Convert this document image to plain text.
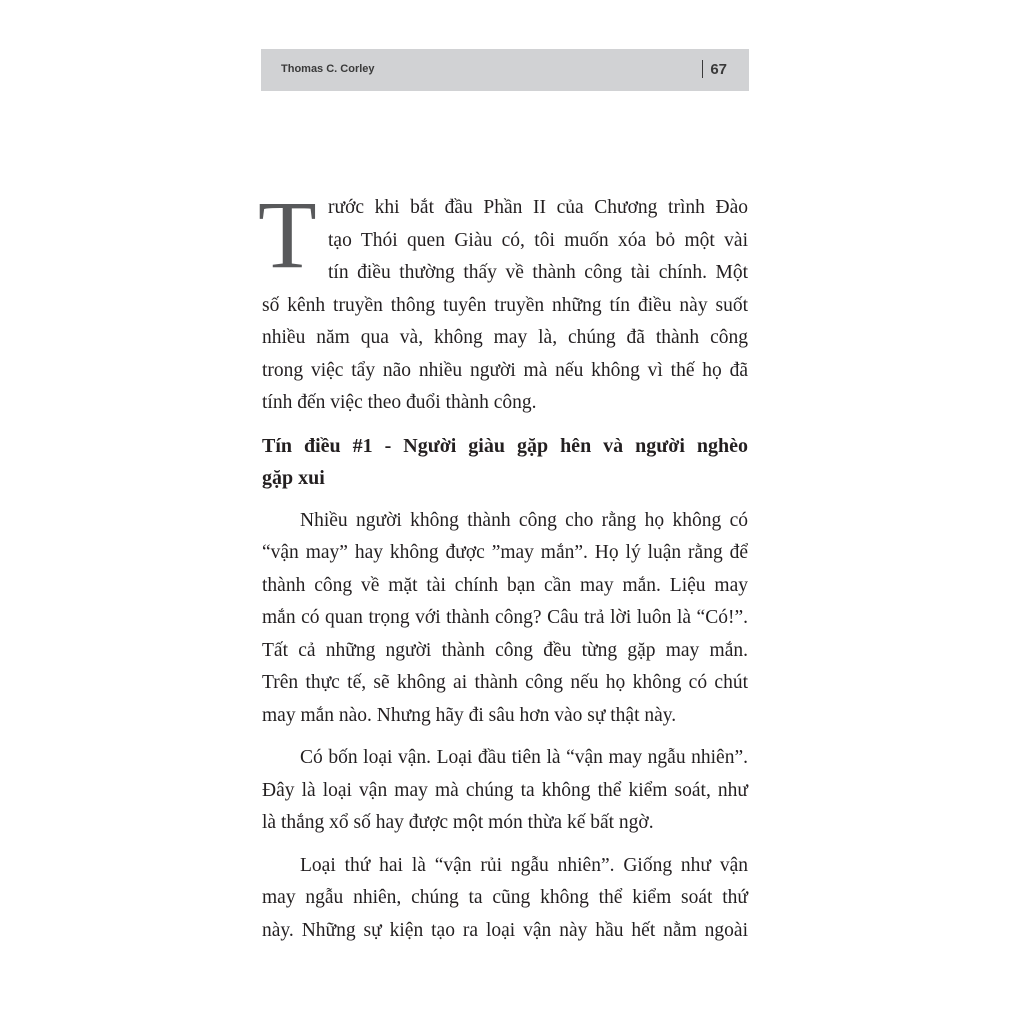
Thomas C. Corley	67
T rước khi bắt đầu Phần II của Chương trình Đào
tạo Thói quen Giàu có, tôi muốn xóa bỏ một vài
tín điều thường thấy về thành công tài chính. Một
số kênh truyền thông tuyên truyền những tín điều này suốt
nhiều năm qua và, không may là, chúng đã thành công
trong việc tẩy não nhiều người mà nếu không vì thế họ đã
tính đến việc theo đuổi thành công.
Tín điều #1 - Người giàu gặp hên và người nghèo
gặp xui
Nhiều người không thành công cho rằng họ không có
“vận may” hay không được ”may mắn”. Họ lý luận rằng để
thành công về mặt tài chính bạn cần may mắn. Liệu may
mắn có quan trọng với thành công? Câu trả lời luôn là “Có!”.
Tất cả những người thành công đều từng gặp may mắn.
Trên thực tế, sẽ không ai thành công nếu họ không có chút
may mắn nào. Nhưng hãy đi sâu hơn vào sự thật này.
Có bốn loại vận. Loại đầu tiên là “vận may ngẫu nhiên”.
Đây là loại vận may mà chúng ta không thể kiểm soát, như
là thắng xổ số hay được một món thừa kế bất ngờ.
Loại thứ hai là “vận rủi ngẫu nhiên”. Giống như vận
may ngẫu nhiên, chúng ta cũng không thể kiểm soát thứ
này. Những sự kiện tạo ra loại vận này hầu hết nằm ngoài
